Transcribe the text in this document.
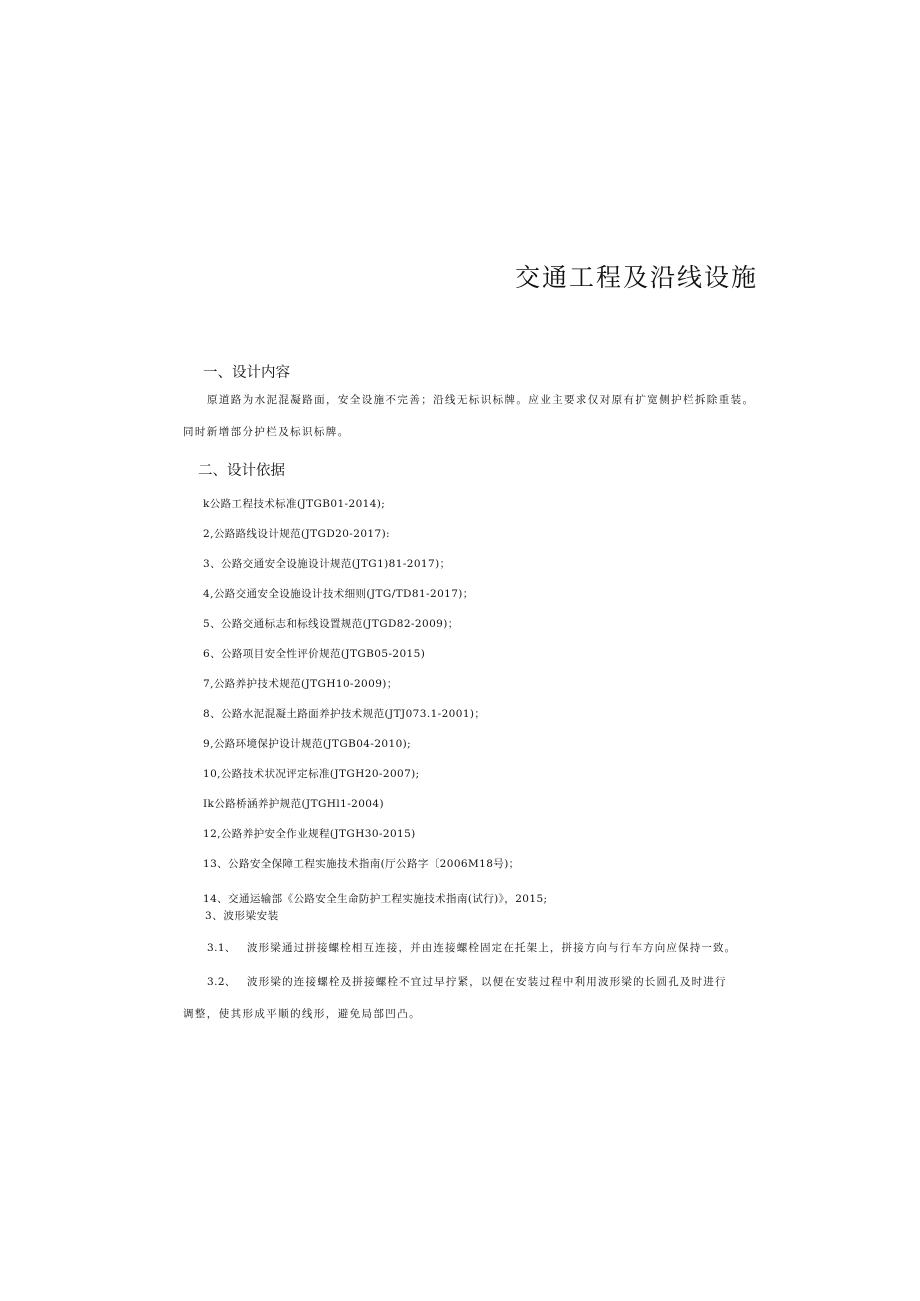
交通工程及沿线设施
一、设计内容
原道路为水泥混凝路面，安全设施不完善；沿线无标识标牌。应业主要求仅对原有扩宽侧护栏拆除重装。
同时新增部分护栏及标识标牌。
二、设计依据
k公路工程技术标准(JTGB01-2014);
2,公路路线设计规范(JTGD20-2017):
3、公路交通安全设施设计规范(JTG1)81-2017)；
4,公路交通安全设施设计技术细则(JTG/TD81-2017)；
5、公路交通标志和标线设置规范(JTGD82-2009)；
6、公路项目安全性评价规范(JTGB05-2015)
7,公路养护技术规范(JTGH10-2009)；
8、公路水泥混凝土路面养护技术规范(JTJ073.1-2001)；
9,公路环境保护设计规范(JTGB04-2010);
10,公路技术状况评定标准(JTGH20-2007);
Ik公路桥涵养护规范(JTGHl1-2004)
12,公路养护安全作业规程(JTGH30-2015)
13、公路安全保障工程实施技术指南(厅公路字〔2006M18号)；
14、交通运输部《公路安全生命防护工程实施技术指南(试行)》，2015;
3、波形梁安装
3.1、 波形梁通过拼接螺栓相互连接，并由连接螺栓固定在托架上，拼接方向与行车方向应保持一致。
3.2、 波形梁的连接螺栓及拼接螺栓不宜过早拧紧，以便在安装过程中利用波形梁的长圆孔及时进行
调整，使其形成平顺的线形，避免局部凹凸。
